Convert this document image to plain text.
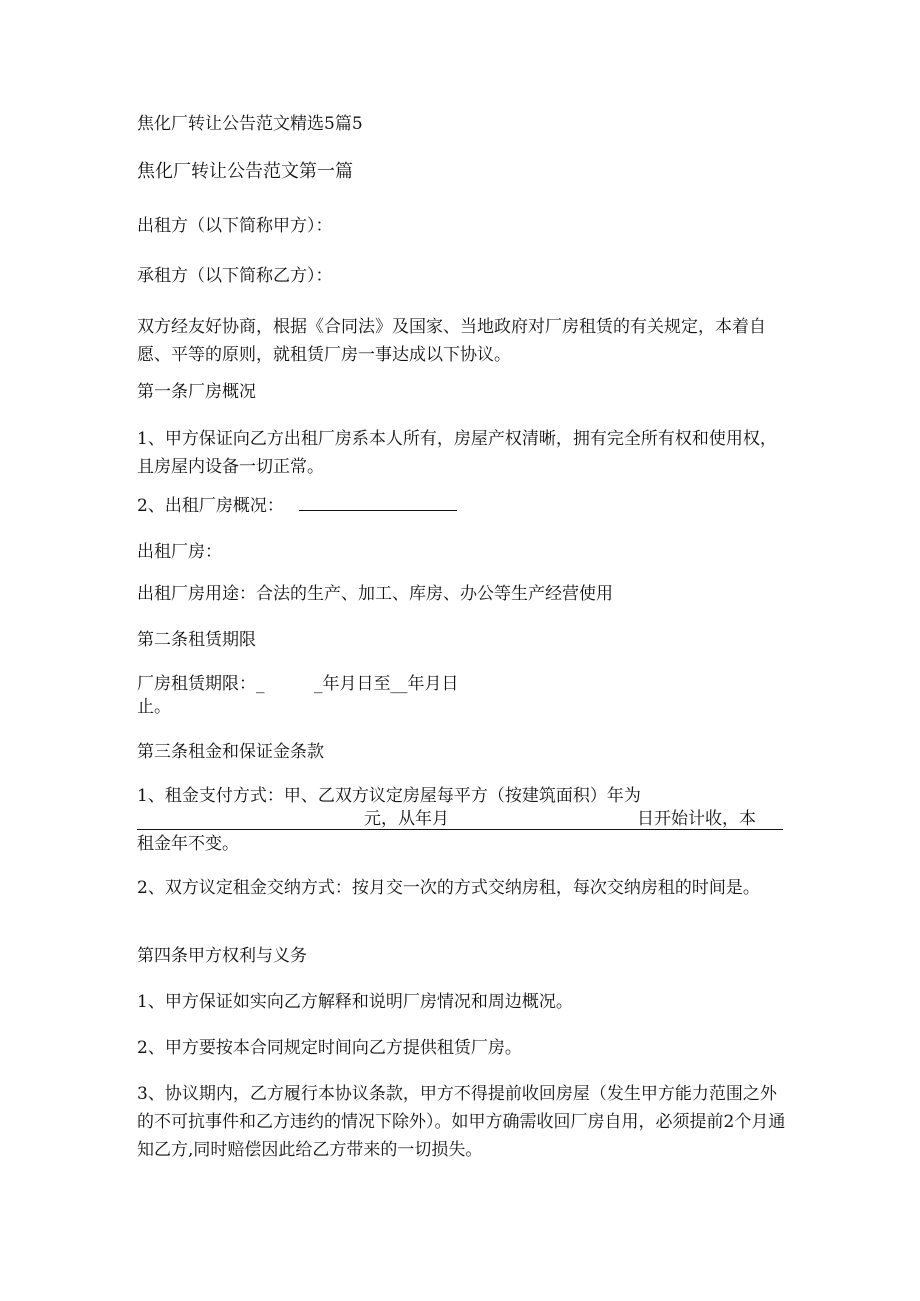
焦化厂转让公告范文精选5篇5

焦化厂转让公告范文第一篇

出租方（以下简称甲方）：

承租方（以下简称乙方）：

双方经友好协商，根据《合同法》及国家、当地政府对厂房租赁的有关规定，本着自愿、平等的原则，就租赁厂房一事达成以下协议。

第一条厂房概况

1、甲方保证向乙方出租厂房系本人所有，房屋产权清晰，拥有完全所有权和使用权，且房屋内设备一切正常。

2、出租厂房概况：

出租厂房：

出租厂房用途：合法的生产、加工、库房、办公等生产经营使用

第二条租赁期限

厂房租赁期限：_	_年月日至__年月日
止。

第三条租金和保证金条款

1、租金支付方式：甲、乙双方议定房屋每平方（按建筑面积）年为
元，从年月	日开始计收，本
租金年不变。

2、双方议定租金交纳方式：按月交一次的方式交纳房租，每次交纳房租的时间是。

第四条甲方权利与义务

1、甲方保证如实向乙方解释和说明厂房情况和周边概况。

2、甲方要按本合同规定时间向乙方提供租赁厂房。

3、协议期内，乙方履行本协议条款，甲方不得提前收回房屋（发生甲方能力范围之外的不可抗事件和乙方违约的情况下除外）。如甲方确需收回厂房自用，必须提前2个月通知乙方,同时赔偿因此给乙方带来的一切损失。
